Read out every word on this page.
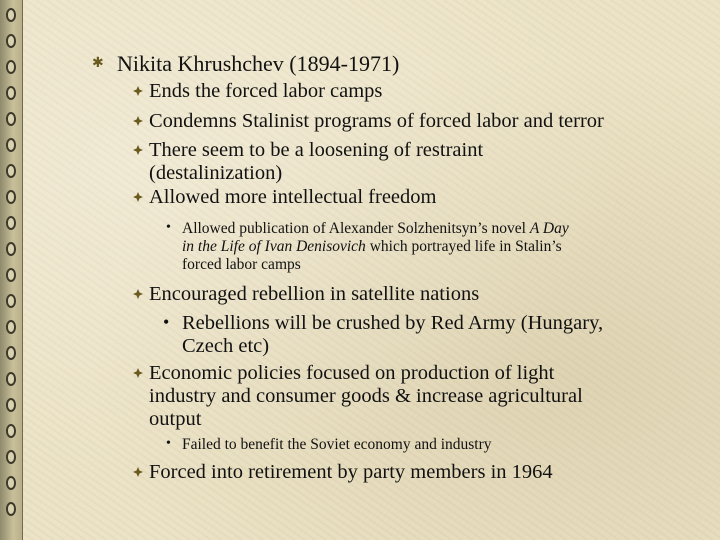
✱ Nikita Khrushchev (1894-1971)
Ends the forced labor camps
Condemns Stalinist programs of forced labor and terror
There seem to be a loosening of restraint
(destalinization)
Allowed more intellectual freedom
• Allowed publication of Alexander Solzhenitsyn’s novel A Day
in the Life of Ivan Denisovich which portrayed life in Stalin’s
forced labor camps
Encouraged rebellion in satellite nations
• Rebellions will be crushed by Red Army (Hungary,
Czech etc)
Economic policies focused on production of light
industry and consumer goods & increase agricultural
output
• Failed to benefit the Soviet economy and industry
Forced into retirement by party members in 1964
